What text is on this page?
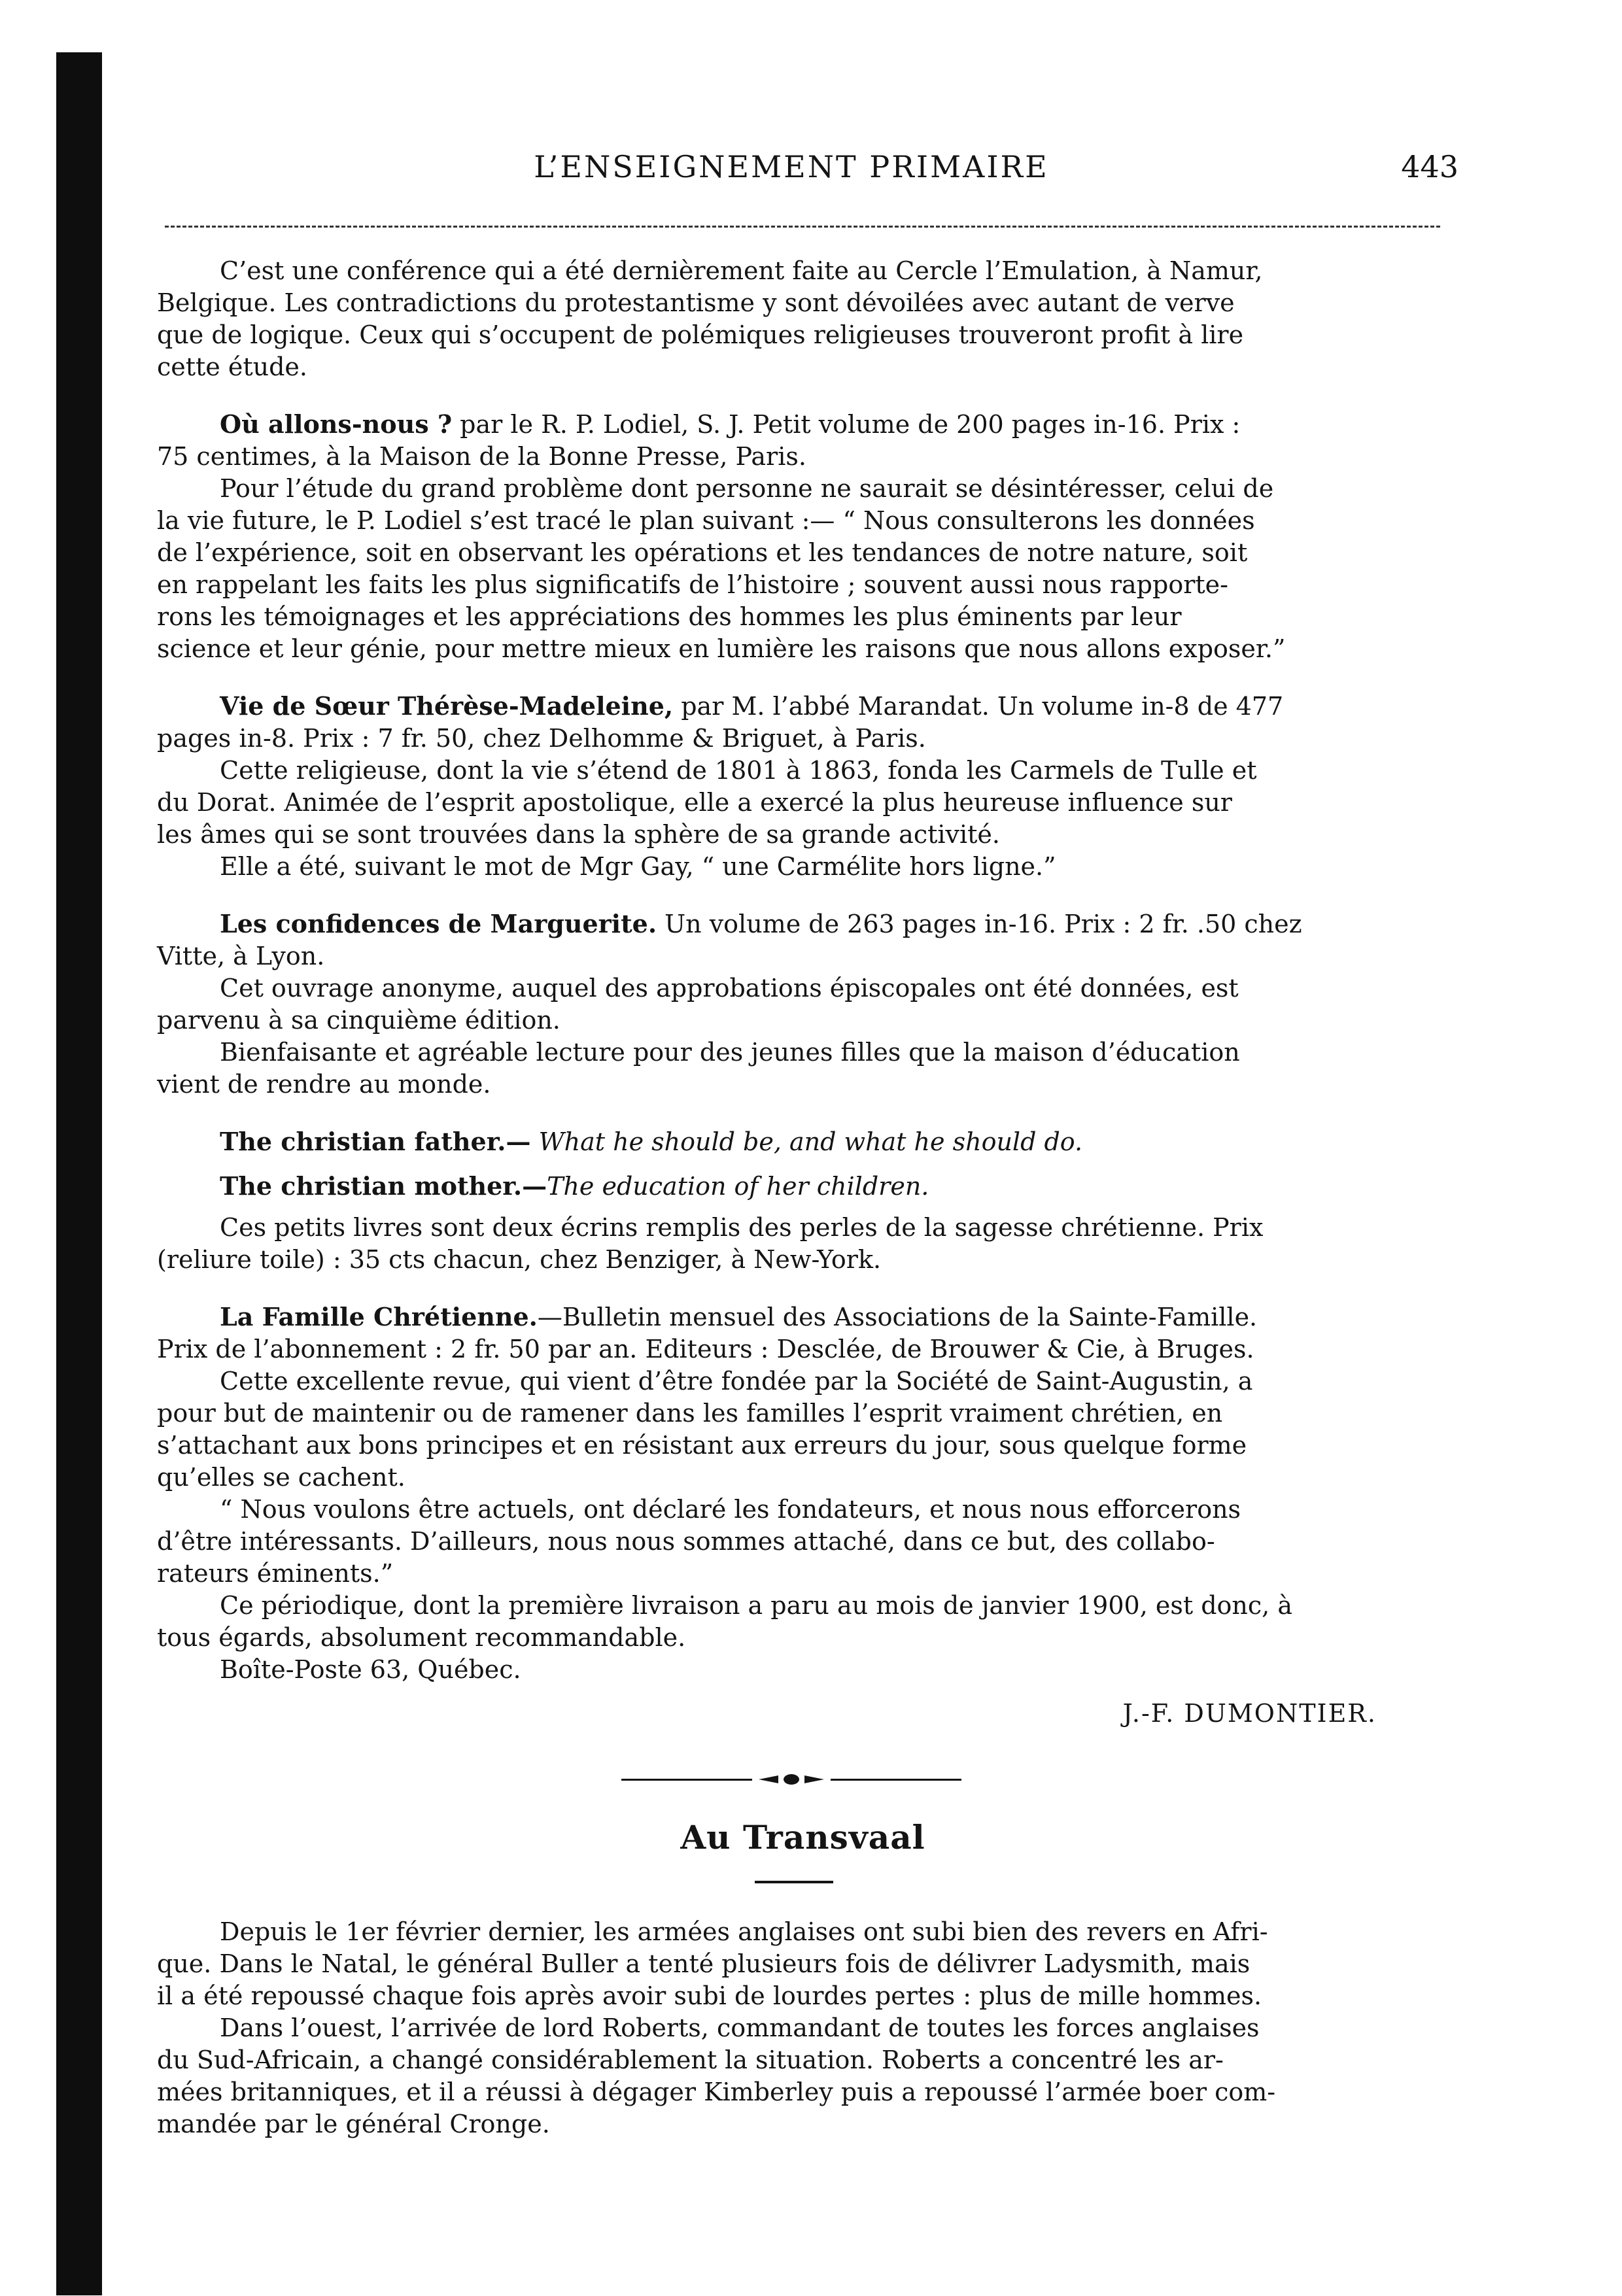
L’ENSEIGNEMENT PRIMAIRE	443

C’est une conférence qui a été dernièrement faite au Cercle l’Emulation, à Namur,

Belgique. Les contradictions du protestantisme y sont dévoilées avec autant de verve

que de logique. Ceux qui s’occupent de polémiques religieuses trouveront profit à lire

cette étude.

Où allons-nous ? par le R. P. Lodiel, S. J. Petit volume de 200 pages in-16. Prix :

75 centimes, à la Maison de la Bonne Presse, Paris.

Pour l’étude du grand problème dont personne ne saurait se désintéresser, celui de

la vie future, le P. Lodiel s’est tracé le plan suivant :— “ Nous consulterons les données

de l’expérience, soit en observant les opérations et les tendances de notre nature, soit

en rappelant les faits les plus significatifs de l’histoire ; souvent aussi nous rapporte-

rons les témoignages et les appréciations des hommes les plus éminents par leur

science et leur génie, pour mettre mieux en lumière les raisons que nous allons exposer.”

Vie de Sœur Thérèse-Madeleine, par M. l’abbé Marandat. Un volume in-8 de 477

pages in-8. Prix : 7 fr. 50, chez Delhomme & Briguet, à Paris.

Cette religieuse, dont la vie s’étend de 1801 à 1863, fonda les Carmels de Tulle et

du Dorat. Animée de l’esprit apostolique, elle a exercé la plus heureuse influence sur

les âmes qui se sont trouvées dans la sphère de sa grande activité.

Elle a été, suivant le mot de Mgr Gay, “ une Carmélite hors ligne.”

Les confidences de Marguerite. Un volume de 263 pages in-16. Prix : 2 fr. .50 chez

Vitte, à Lyon.

Cet ouvrage anonyme, auquel des approbations épiscopales ont été données, est

parvenu à sa cinquième édition.

Bienfaisante et agréable lecture pour des jeunes filles que la maison d’éducation

vient de rendre au monde.

The christian father.— What he should be, and what he should do.

The christian mother.—The education of her children.

Ces petits livres sont deux écrins remplis des perles de la sagesse chrétienne. Prix

(reliure toile) : 35 cts chacun, chez Benziger, à New-York.

La Famille Chrétienne.—Bulletin mensuel des Associations de la Sainte-Famille.

Prix de l’abonnement : 2 fr. 50 par an. Editeurs : Desclée, de Brouwer & Cie, à Bruges.

Cette excellente revue, qui vient d’être fondée par la Société de Saint-Augustin, a

pour but de maintenir ou de ramener dans les familles l’esprit vraiment chrétien, en

s’attachant aux bons principes et en résistant aux erreurs du jour, sous quelque forme

qu’elles se cachent.

“ Nous voulons être actuels, ont déclaré les fondateurs, et nous nous efforcerons

d’être intéressants. D’ailleurs, nous nous sommes attaché, dans ce but, des collabo-

rateurs éminents.”

Ce périodique, dont la première livraison a paru au mois de janvier 1900, est donc, à

tous égards, absolument recommandable.

Boîte-Poste 63, Québec.

J.-F. DUMONTIER.

Au Transvaal

Depuis le 1er février dernier, les armées anglaises ont subi bien des revers en Afri-

que. Dans le Natal, le général Buller a tenté plusieurs fois de délivrer Ladysmith, mais

il a été repoussé chaque fois après avoir subi de lourdes pertes : plus de mille hommes.

Dans l’ouest, l’arrivée de lord Roberts, commandant de toutes les forces anglaises

du Sud-Africain, a changé considérablement la situation. Roberts a concentré les ar-

mées britanniques, et il a réussi à dégager Kimberley puis a repoussé l’armée boer com-

mandée par le général Cronge.
